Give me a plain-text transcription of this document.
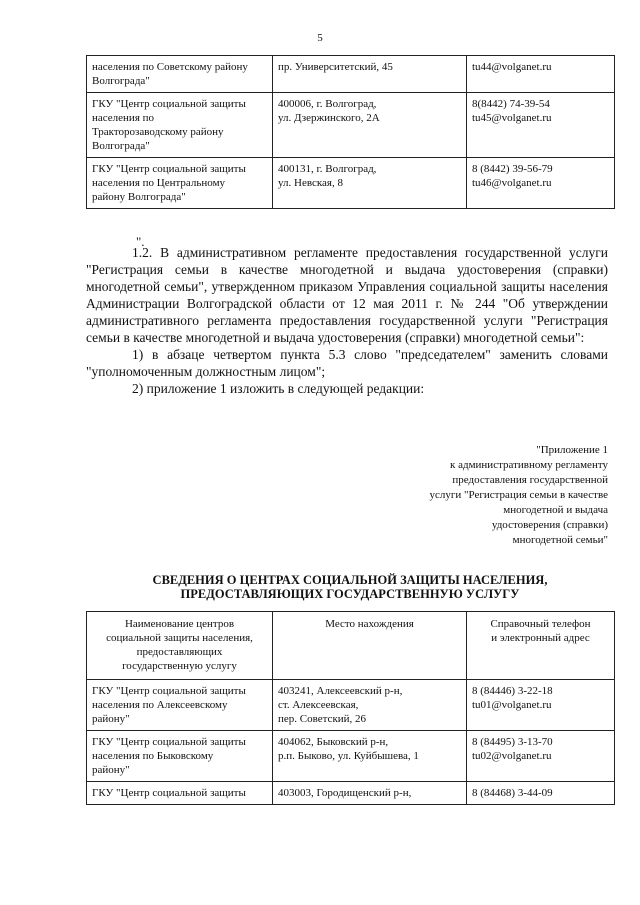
5
населения по Советскому району
Волгограда"	пр. Университетский, 45	tu44@volganet.ru

ГКУ "Центр социальной защиты
населения по
Тракторозаводскому району
Волгограда"	400006, г. Волгоград,
ул. Дзержинского, 2А	8(8442) 74-39-54
tu45@volganet.ru

ГКУ "Центр социальной защиты
населения по Центральному
району Волгограда"	400131, г. Волгоград,
ул. Невская, 8	8 (8442) 39-56-79
tu46@volganet.ru
".

1.2. В административном регламенте предоставления государственной услуги "Регистрация семьи в качестве многодетной и выдача удостоверения (справки) многодетной семьи", утвержденном приказом Управления социальной защиты населения Администрации Волгоградской области от 12 мая 2011 г. № 244 "Об утверждении административного регламента предоставления государственной услуги "Регистрация семьи в качестве многодетной и выдача удостоверения (справки) многодетной семьи":

1) в абзаце четвертом пункта 5.3 слово "председателем" заменить словами "уполномоченным должностным лицом";

2) приложение 1 изложить в следующей редакции:

"Приложение 1
к административному регламенту
предоставления государственной
услуги "Регистрация семьи в качестве
многодетной и выдача
удостоверения (справки)
многодетной семьи"
СВЕДЕНИЯ О ЦЕНТРАХ СОЦИАЛЬНОЙ ЗАЩИТЫ НАСЕЛЕНИЯ,
ПРЕДОСТАВЛЯЮЩИХ ГОСУДАРСТВЕННУЮ УСЛУГУ
Наименование центров
социальной защиты населения,
предоставляющих
государственную услугу	Место нахождения	Справочный телефон
и электронный адрес

ГКУ "Центр социальной защиты
населения по Алексеевскому
району"	403241, Алексеевский р-н,
ст. Алексеевская,
пер. Советский, 26	8 (84446) 3-22-18
tu01@volganet.ru

ГКУ "Центр социальной защиты
населения по Быковскому
району"	404062, Быковский р-н,
р.п. Быково, ул. Куйбышева, 1	8 (84495) 3-13-70
tu02@volganet.ru

ГКУ "Центр социальной защиты	403003, Городищенский р-н,	8 (84468) 3-44-09
